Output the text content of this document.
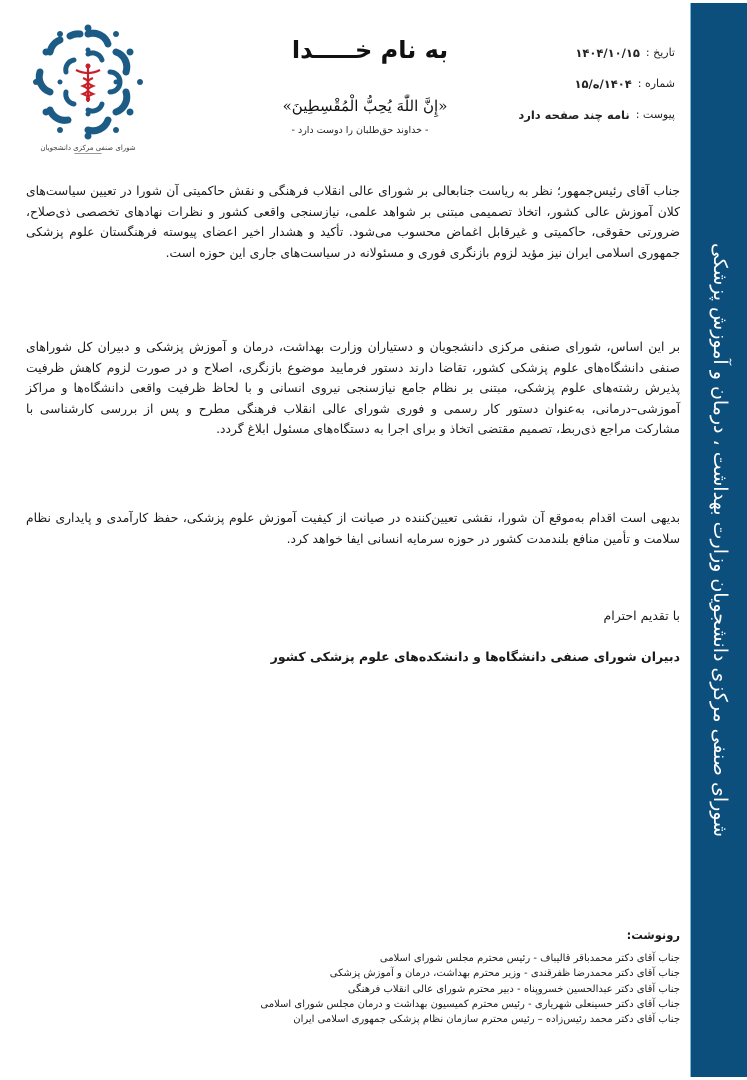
شورای صنفی مرکزی دانشجویان وزارت بهداشت ، درمان و آموزش پزشکی
شورای صنفی مرکزی دانشجویان
━━━━━━━━━━
به نام خـــــدا
«إِنَّ اللّٰهَ يُحِبُّ الْمُقْسِطِينَ»
- خداوند حق‌طلبان را دوست دارد -
تاریخ :
۱۴۰۴/۱۰/۱۵
شماره :
۱۴۰۴/ه/۱۵
پیوست :
نامه چند صفحه دارد

جناب آقای رئیس‌جمهور؛ نظر به ریاست جنابعالی بر شورای عالی انقلاب فرهنگی و نقش حاکمیتی آن شورا در تعیین سیاست‌های کلان آموزش عالی کشور، اتخاذ تصمیمی مبتنی بر شواهد علمی، نیازسنجی واقعی کشور و نظرات نهادهای تخصصی ذی‌صلاح، ضرورتی حقوقی، حاکمیتی و غیرقابل اغماض محسوب می‌شود. تأکید و هشدار اخیر اعضای پیوسته فرهنگستان علوم پزشکی جمهوری اسلامی ایران نیز مؤید لزوم بازنگری فوری و مسئولانه در سیاست‌های جاری این حوزه است.

بر این اساس، شورای صنفی مرکزی دانشجویان و دستیاران وزارت بهداشت، درمان و آموزش پزشکی و دبیران کل شوراهای صنفی دانشگاه‌های علوم پزشکی کشور، تقاضا دارند دستور فرمایید موضوع بازنگری، اصلاح و در صورت لزوم کاهش ظرفیت پذیرش رشته‌های علوم پزشکی، مبتنی بر نظام جامع نیازسنجی نیروی انسانی و با لحاظ ظرفیت واقعی دانشگاه‌ها و مراکز آموزشی–درمانی، به‌عنوان دستور کار رسمی و فوری شورای عالی انقلاب فرهنگی مطرح و پس از بررسی کارشناسی با مشارکت مراجع ذی‌ربط، تصمیم مقتضی اتخاذ و برای اجرا به دستگاه‌های مسئول ابلاغ گردد.

بدیهی است اقدام به‌موقع آن شورا، نقشی تعیین‌کننده در صیانت از کیفیت آموزش علوم پزشکی، حفظ کارآمدی و پایداری نظام سلامت و تأمین منافع بلندمدت کشور در حوزه سرمایه انسانی ایفا خواهد کرد.

با تقدیم احترام
دبیران شورای صنفی دانشگاه‌ها و دانشکده‌های علوم پزشکی کشور
رونوشت:
جناب آقای دکتر محمدباقر قالیباف - رئیس محترم مجلس شورای اسلامی
جناب آقای دکتر محمدرضا ظفرقندی - وزیر محترم بهداشت، درمان و آموزش پزشکی
جناب آقای دکتر عبدالحسین خسروپناه - دبیر محترم شورای عالی انقلاب فرهنگی
جناب آقای دکتر حسینعلی شهریاری - رئیس محترم کمیسیون بهداشت و درمان مجلس شورای اسلامی
جناب آقای دکتر محمد رئیس‌زاده – رئیس محترم سازمان نظام پزشکی جمهوری اسلامی ایران
